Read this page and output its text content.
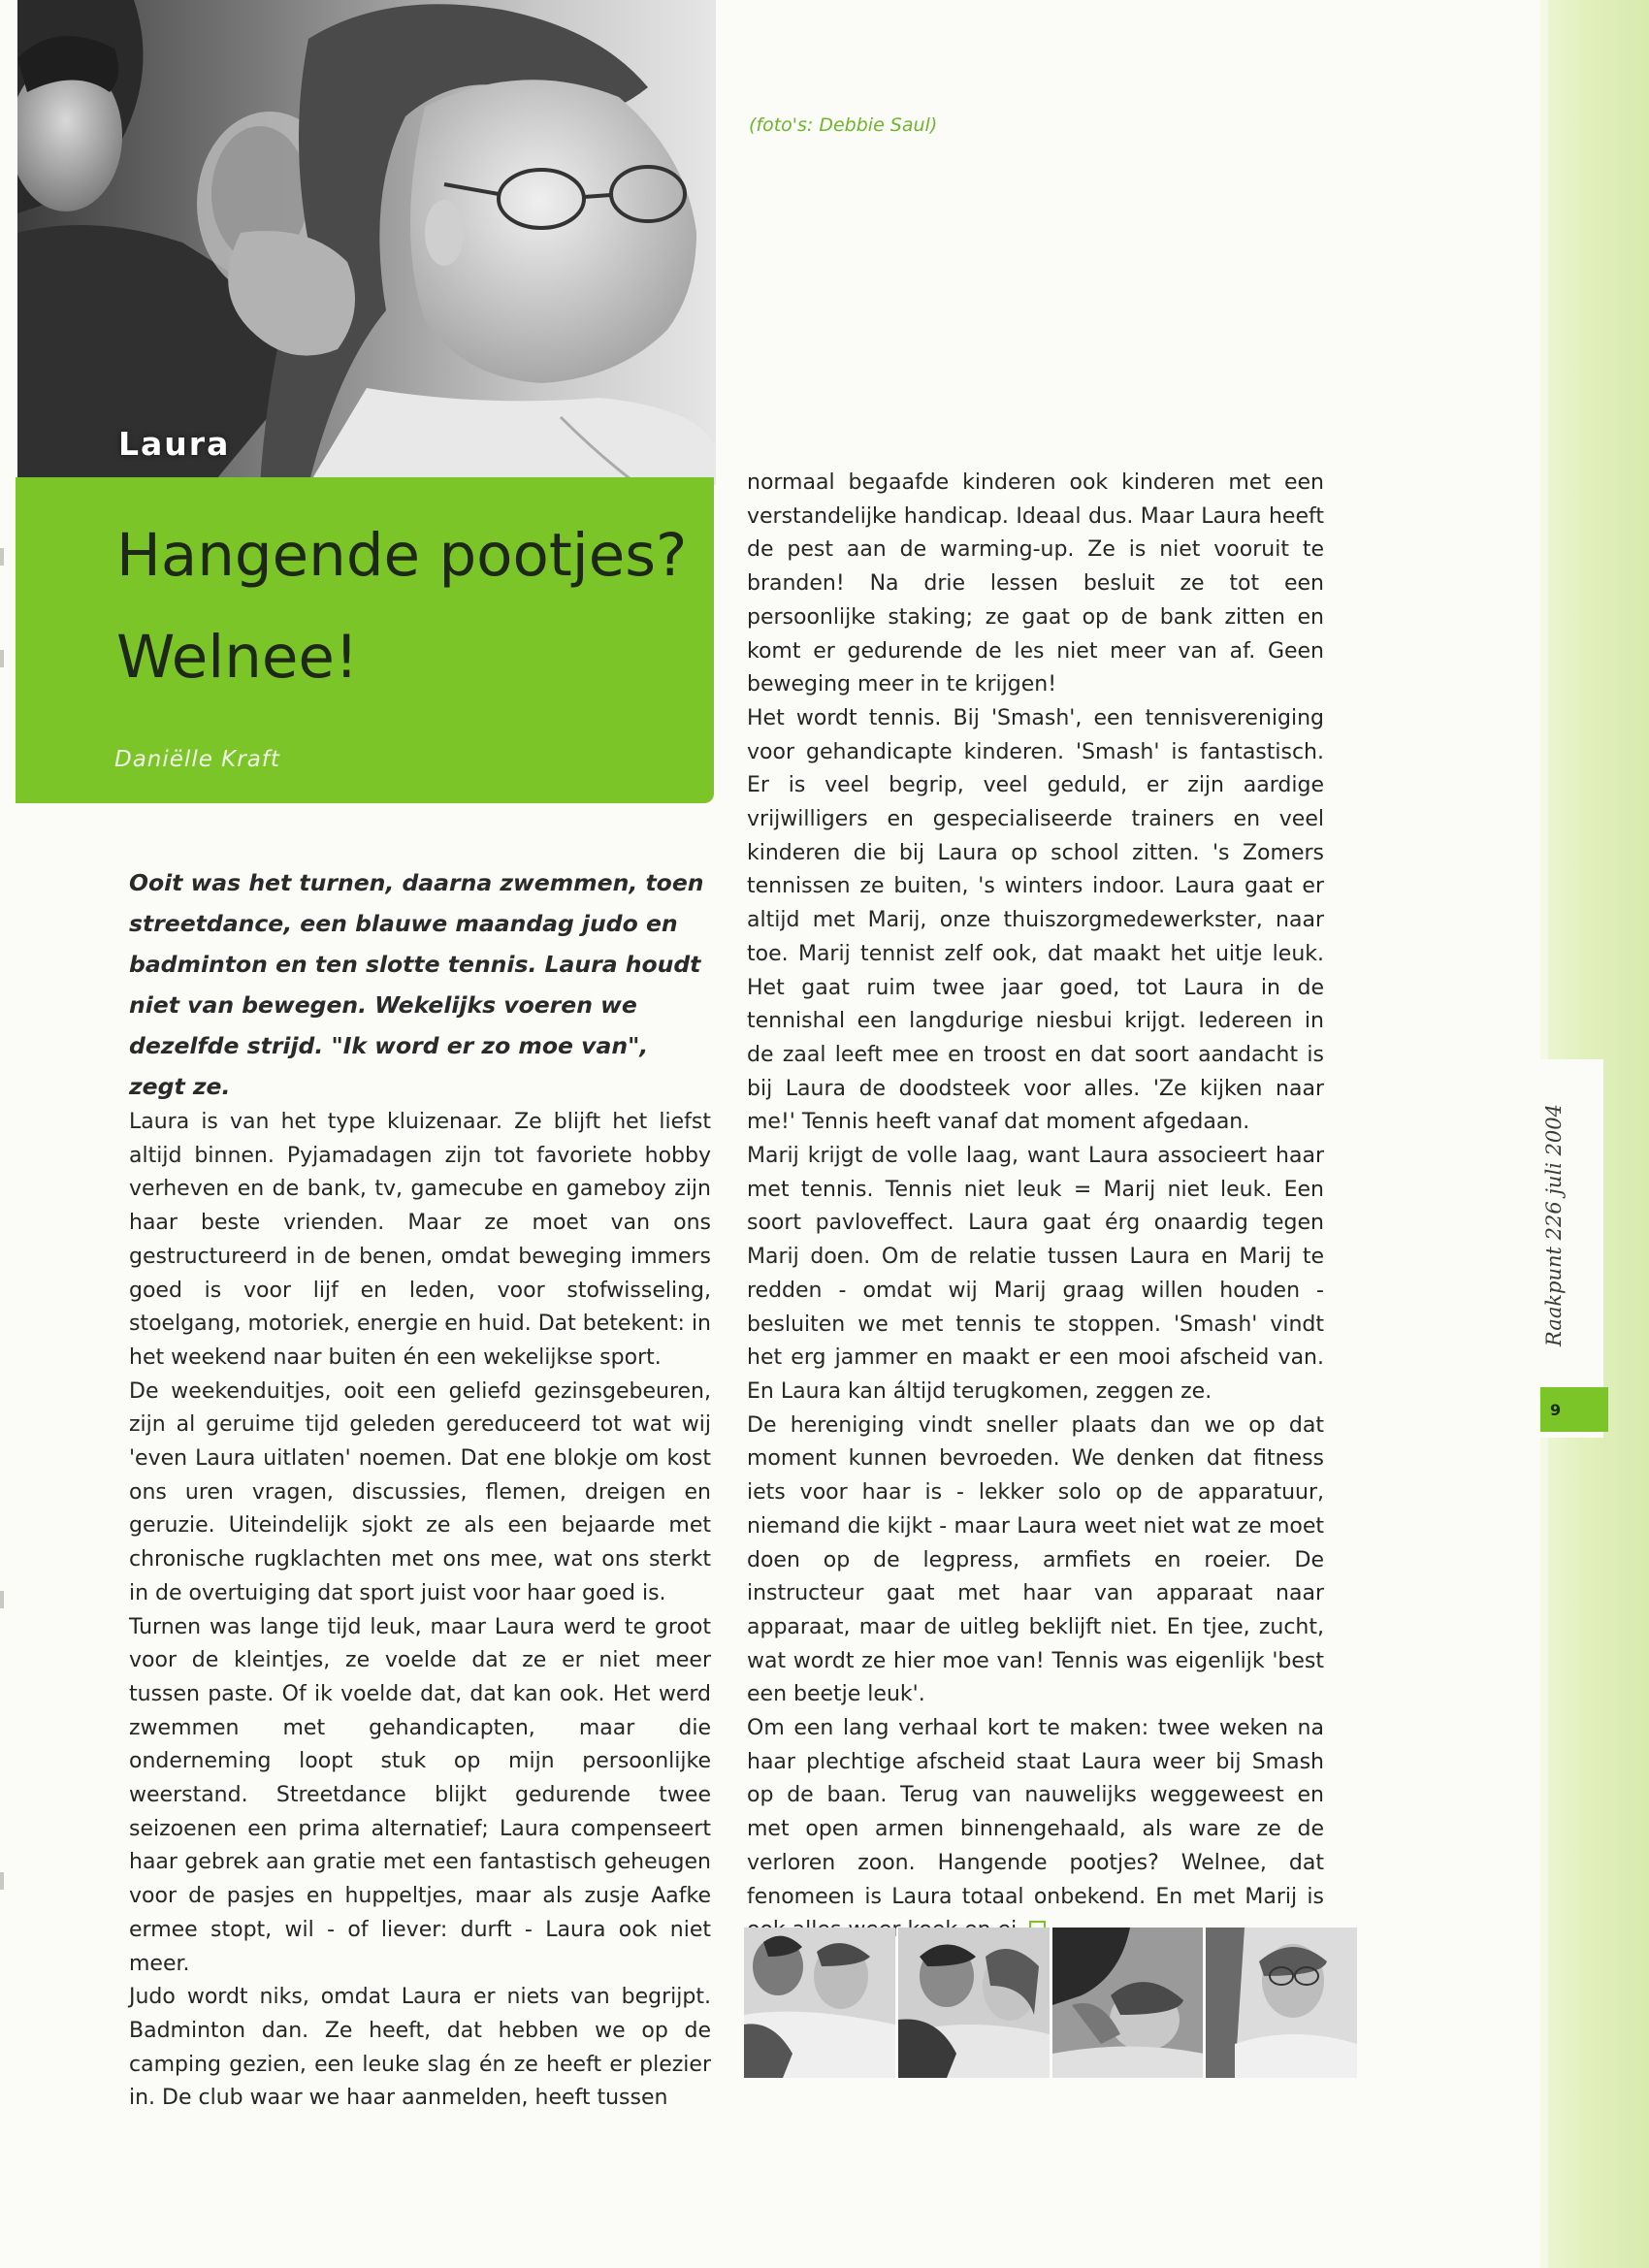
Raakpunt 226 juli 2004
9
(foto's: Debbie Saul)
Laura
Hangende pootjes?
Welnee!
Daniëlle Kraft

Ooit was het turnen, daarna zwemmen, toen streetdance, een blauwe maandag judo en badminton en ten slotte tennis. Laura houdt niet van bewegen. Wekelijks voeren we dezelfde strijd. "Ik word er zo moe van", zegt ze.

Laura is van het type kluizenaar. Ze blijft het liefst altijd binnen. Pyjamadagen zijn tot favoriete hobby verheven en de bank, tv, gamecube en gameboy zijn haar beste vrienden. Maar ze moet van ons gestructureerd in de benen, omdat beweging immers goed is voor lijf en leden, voor stofwisseling, stoelgang, motoriek, energie en huid. Dat betekent: in het weekend naar buiten én een wekelijkse sport.

De weekenduitjes, ooit een geliefd gezinsgebeuren, zijn al geruime tijd geleden gereduceerd tot wat wij 'even Laura uitlaten' noemen. Dat ene blokje om kost ons uren vragen, discussies, flemen, dreigen en geruzie. Uiteindelijk sjokt ze als een bejaarde met chronische rugklachten met ons mee, wat ons sterkt in de overtuiging dat sport juist voor haar goed is.

Turnen was lange tijd leuk, maar Laura werd te groot voor de kleintjes, ze voelde dat ze er niet meer tussen paste. Of ik voelde dat, dat kan ook. Het werd zwemmen met gehandicapten, maar die onderneming loopt stuk op mijn persoonlijke weerstand. Streetdance blijkt gedurende twee seizoenen een prima alternatief; Laura compenseert haar gebrek aan gratie met een fantastisch geheugen voor de pasjes en huppeltjes, maar als zusje Aafke ermee stopt, wil - of liever: durft - Laura ook niet meer.

Judo wordt niks, omdat Laura er niets van begrijpt. Badminton dan. Ze heeft, dat hebben we op de camping gezien, een leuke slag én ze heeft er plezier in. De club waar we haar aanmelden, heeft tussen

normaal begaafde kinderen ook kinderen met een verstandelijke handicap. Ideaal dus. Maar Laura heeft de pest aan de warming-up. Ze is niet vooruit te branden! Na drie lessen besluit ze tot een persoonlijke staking; ze gaat op de bank zitten en komt er gedurende de les niet meer van af. Geen beweging meer in te krijgen!

Het wordt tennis. Bij 'Smash', een tennisvereniging voor gehandicapte kinderen. 'Smash' is fantastisch. Er is veel begrip, veel geduld, er zijn aardige vrijwilligers en gespecialiseerde trainers en veel kinderen die bij Laura op school zitten. 's Zomers tennissen ze buiten, 's winters indoor. Laura gaat er altijd met Marij, onze thuiszorgmedewerkster, naar toe. Marij tennist zelf ook, dat maakt het uitje leuk. Het gaat ruim twee jaar goed, tot Laura in de tennishal een langdurige niesbui krijgt. Iedereen in de zaal leeft mee en troost en dat soort aandacht is bij Laura de doodsteek voor alles. 'Ze kijken naar me!' Tennis heeft vanaf dat moment afgedaan.

Marij krijgt de volle laag, want Laura associeert haar met tennis. Tennis niet leuk = Marij niet leuk. Een soort pavloveffect. Laura gaat érg onaardig tegen Marij doen. Om de relatie tussen Laura en Marij te redden - omdat wij Marij graag willen houden - besluiten we met tennis te stoppen. 'Smash' vindt het erg jammer en maakt er een mooi afscheid van. En Laura kan áltijd terugkomen, zeggen ze.

De hereniging vindt sneller plaats dan we op dat moment kunnen bevroeden. We denken dat fitness iets voor haar is - lekker solo op de apparatuur, niemand die kijkt - maar Laura weet niet wat ze moet doen op de legpress, armfiets en roeier. De instructeur gaat met haar van apparaat naar apparaat, maar de uitleg beklijft niet. En tjee, zucht, wat wordt ze hier moe van! Tennis was eigenlijk 'best een beetje leuk'.

Om een lang verhaal kort te maken: twee weken na haar plechtige afscheid staat Laura weer bij Smash op de baan. Terug van nauwelijks weggeweest en met open armen binnengehaald, als ware ze de verloren zoon. Hangende pootjes? Welnee, dat fenomeen is Laura totaal onbekend. En met Marij is
